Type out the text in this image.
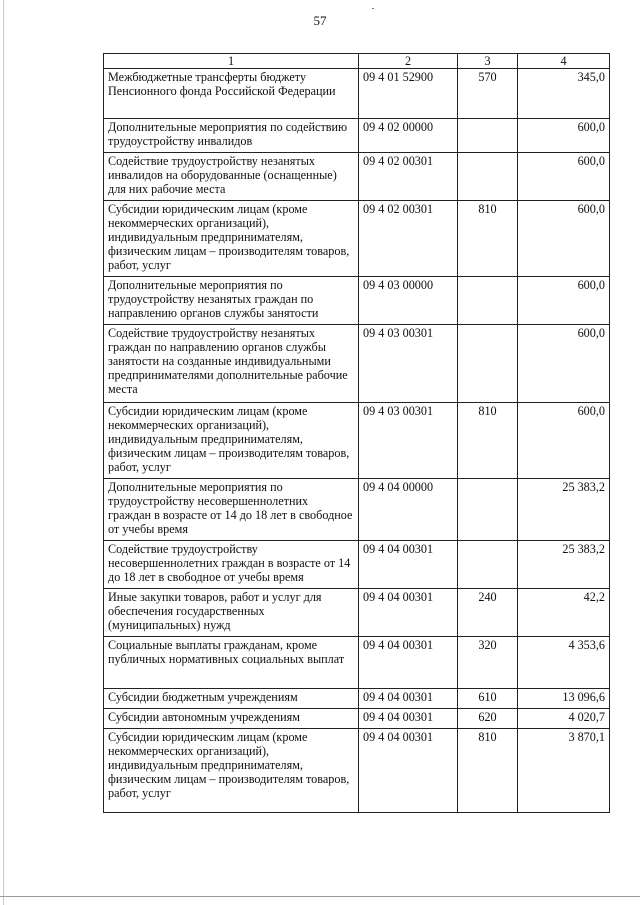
57
1	2	3	4
Межбюджетные трансферты бюджету Пенсионного фонда Российской Федерации	09 4 01 52900	570	345,0
Дополнительные мероприятия по содействию трудоустройству инвалидов	09 4 02 00000		600,0
Содействие трудоустройству незанятых инвалидов на оборудованные (оснащенные) для них рабочие места	09 4 02 00301		600,0
Субсидии юридическим лицам (кроме некоммерческих организаций), индивидуальным предпринимателям, физическим лицам – производителям товаров, работ, услуг	09 4 02 00301	810	600,0
Дополнительные мероприятия по трудоустройству незанятых граждан по направлению органов службы занятости	09 4 03 00000		600,0
Содействие трудоустройству незанятых граждан по направлению органов службы занятости на созданные индивидуальными предпринимателями дополнительные рабочие места	09 4 03 00301		600,0
Субсидии юридическим лицам (кроме некоммерческих организаций), индивидуальным предпринимателям, физическим лицам – производителям товаров, работ, услуг	09 4 03 00301	810	600,0
Дополнительные мероприятия по трудоустройству несовершеннолетних граждан в возрасте от 14 до 18 лет в свободное от учебы время	09 4 04 00000		25 383,2
Содействие трудоустройству несовершеннолетних граждан в возрасте от 14 до 18 лет в свободное от учебы время	09 4 04 00301		25 383,2
Иные закупки товаров, работ и услуг для обеспечения государственных (муниципальных) нужд	09 4 04 00301	240	42,2
Социальные выплаты гражданам, кроме публичных нормативных социальных выплат	09 4 04 00301	320	4 353,6
Субсидии бюджетным учреждениям	09 4 04 00301	610	13 096,6
Субсидии автономным учреждениям	09 4 04 00301	620	4 020,7
Субсидии юридическим лицам (кроме некоммерческих организаций), индивидуальным предпринимателям, физическим лицам – производителям товаров, работ, услуг	09 4 04 00301	810	3 870,1
